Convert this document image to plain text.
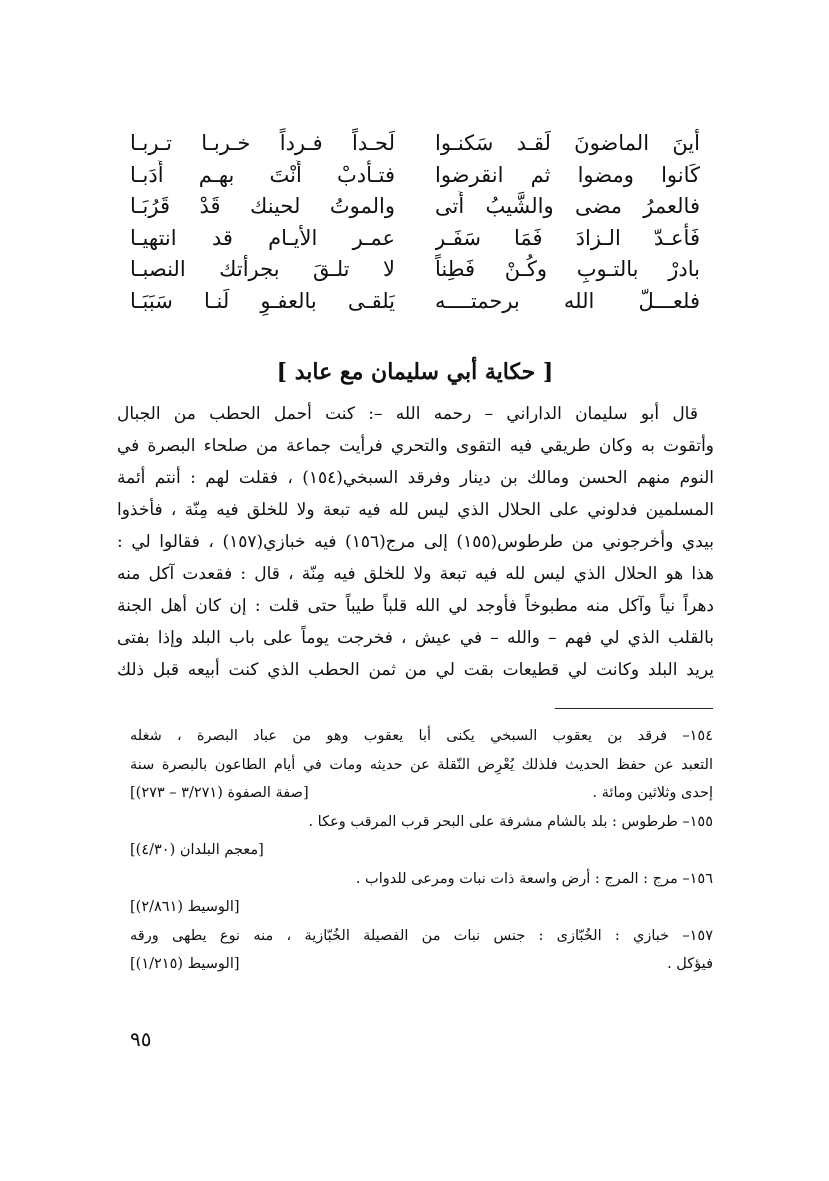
أينَ الماضونَ لَقـد سَكنـوا
لَحـداً فـرداً خـربـا تـربـا
كَانوا ومضوا ثم انقرضوا
فتـأدبْ أَنْتَ بهـم أَدَبـا
فالعمرُ مضى والشَّيبُ أَتى
والموتُ لحينك قَدْ قَرُبَـا
فَأَعـدّ الـزادَ فَمَا سَفَـر
عمـر الأيـام قد انتهيـا
بادرْ بالتـوبِ وكُـنْ فَطِناً
لا تلـقَ بجرأتك النصبـا
فلعـــلّ الله برحمتــــه
يَلقـى بالعفـوِ لَنـا سَبَبَـا
[ حكاية أبي سليمان مع عابد ]
قال أبو سليمان الداراني – رحمه الله –: كنت أحمل الحطب من الجبال
وأتقوت به وكان طريقي فيه التقوى والتحري فرأيت جماعة من صلحاء البصرة في
النوم منهم الحسن ومالك بن دينار وفرقد السبخي(١٥٤) ، فقلت لهم : أنتم أئمة
المسلمين فدلوني على الحلال الذي ليس لله فيه تبعة ولا للخلق فيه مِنّة ، فأخذوا
بيدي وأخرجوني من طرطوس(١٥٥) إلى مرج(١٥٦) فيه خبازي(١٥٧) ، فقالوا لي :
هذا هو الحلال الذي ليس لله فيه تبعة ولا للخلق فيه مِنّة ، قال : فقعدت آكل منه
دهراً نياً وآكل منه مطبوخاً فأوجد لي الله قلباً طيباً حتى قلت : إن كان أهل الجنة
بالقلب الذي لي فهم – والله – في عيش ، فخرجت يوماً على باب البلد وإذا بفتى
يريد البلد وكانت لي قطيعات بقت لي من ثمن الحطب الذي كنت أبيعه قبل ذلك
١٥٤– فرقد بن يعقوب السبخي يكنى أبا يعقوب وهو من عباد البصرة ، شغله
التعبد عن حفظ الحديث فلذلك يُعْرِض النّقلة عن حديثه ومات في أيام الطاعون بالبصرة سنة
إحدى وثلاثين ومائة .
[صفة الصفوة (٣/٢٧١ – ٢٧٣)]
١٥٥– طرطوس : بلد بالشام مشرفة على البحر قرب المرقب وعكا .
[معجم البلدان (٤/٣٠)]
١٥٦– مرج : المرج : أرض واسعة ذات نبات ومرعى للدواب .
[الوسيط (٢/٨٦١)]
١٥٧– خبازي : الخُبّازى : جنس نبات من الفصيلة الخُبّازية ، منه نوع يطهى ورقه
فيؤكل .
[الوسيط (١/٢١٥)]
٩٥
